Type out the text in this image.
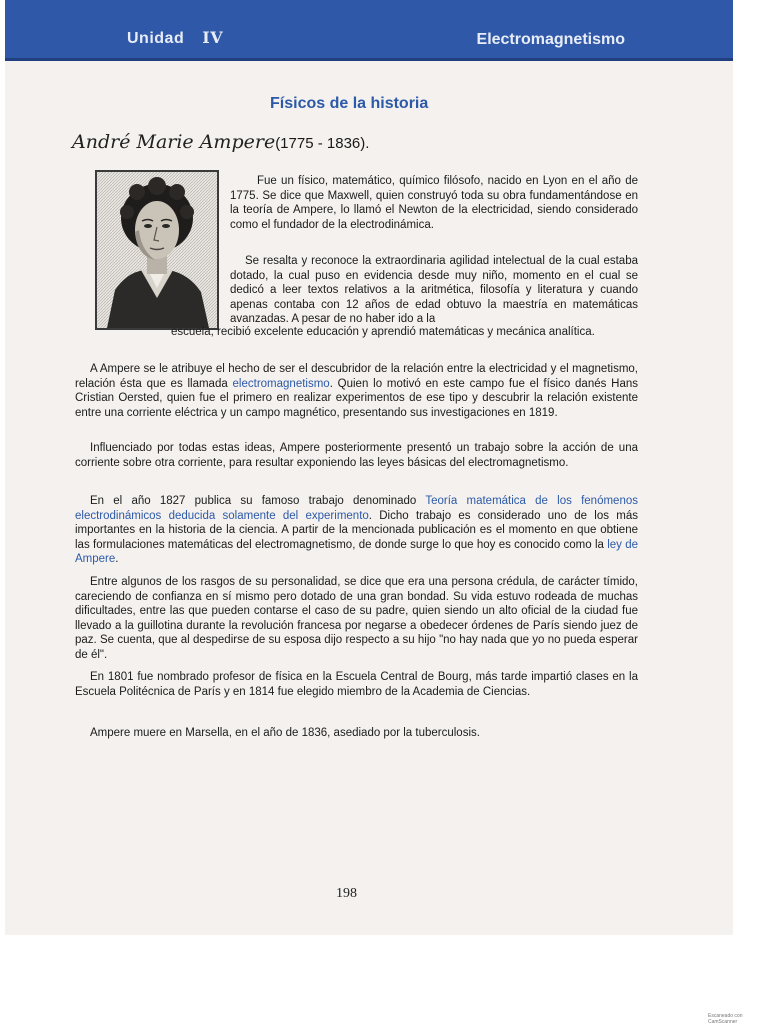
Unidad IV	Electromagnetismo
Físicos de la historia
André Marie Ampere(1775 - 1836).
Fue un físico, matemático, químico filósofo, nacido en Lyon en el año de 1775. Se dice que Maxwell, quien construyó toda su obra fundamentándose en la teoría de Ampere, lo llamó el Newton de la electricidad, siendo considerado como el fundador de la electrodinámica.
Se resalta y reconoce la extraordinaria agilidad intelectual de la cual estaba dotado, la cual puso en evidencia desde muy niño, momento en el cual se dedicó a leer textos relativos a la aritmética, filosofía y literatura y cuando apenas contaba con 12 años de edad obtuvo la maestría en matemáticas avanzadas. A pesar de no haber ido a la
escuela, recibió excelente educación y aprendió matemáticas y mecánica analítica.
A Ampere se le atribuye el hecho de ser el descubridor de la relación entre la electricidad y el magnetismo, relación ésta que es llamada electromagnetismo. Quien lo motivó en este campo fue el físico danés Hans Cristian Oersted, quien fue el primero en realizar experimentos de ese tipo y descubrir la relación existente entre una corriente eléctrica y un campo magnético, presentando sus investigaciones en 1819.
Influenciado por todas estas ideas, Ampere posteriormente presentó un trabajo sobre la acción de una corriente sobre otra corriente, para resultar exponiendo las leyes básicas del electromagnetismo.
En el año 1827 publica su famoso trabajo denominado Teoría matemática de los fenómenos electrodinámicos deducida solamente del experimento. Dicho trabajo es considerado uno de los más importantes en la historia de la ciencia. A partir de la mencionada publicación es el momento en que obtiene las formulaciones matemáticas del electromagnetismo, de donde surge lo que hoy es conocido como la ley de Ampere.
Entre algunos de los rasgos de su personalidad, se dice que era una persona crédula, de carácter tímido, careciendo de confianza en sí mismo pero dotado de una gran bondad. Su vida estuvo rodeada de muchas dificultades, entre las que pueden contarse el caso de su padre, quien siendo un alto oficial de la ciudad fue llevado a la guillotina durante la revolución francesa por negarse a obedecer órdenes de París siendo juez de paz. Se cuenta, que al despedirse de su esposa dijo respecto a su hijo "no hay nada que yo no pueda esperar de él".
En 1801 fue nombrado profesor de física en la Escuela Central de Bourg, más tarde impartió clases en la Escuela Politécnica de París y en 1814 fue elegido miembro de la Academia de Ciencias.
Ampere muere en Marsella, en el año de 1836, asediado por la tuberculosis.
198
Escaneado con CamScanner
